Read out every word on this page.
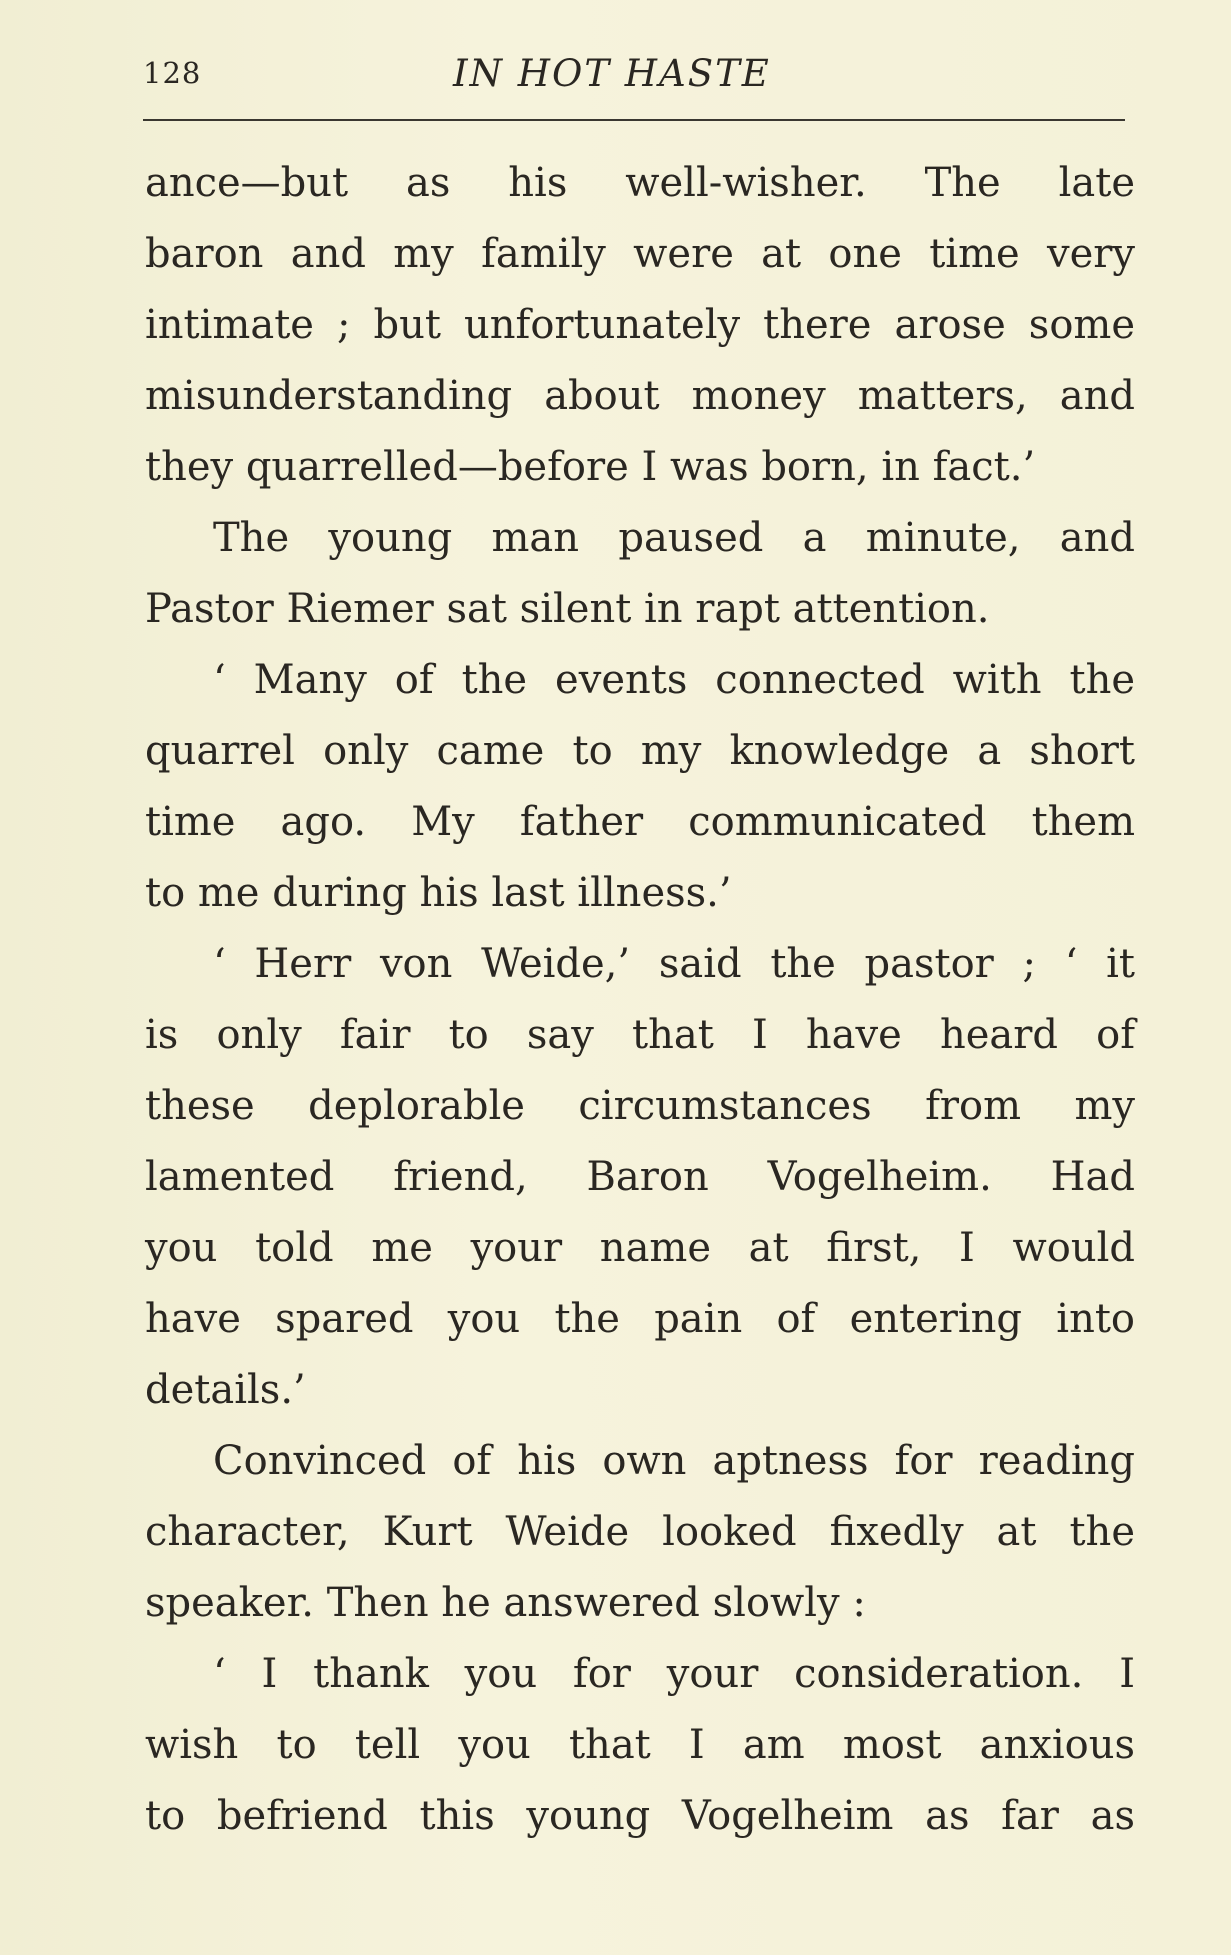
128	IN HOT HASTE
ance—but as his well-wisher. The late
baron and my family were at one time very
intimate ; but unfortunately there arose some
misunderstanding about money matters, and
they quarrelled—before I was born, in fact.’
The young man paused a minute, and
Pastor Riemer sat silent in rapt attention.
‘ Many of the events connected with the
quarrel only came to my knowledge a short
time ago. My father communicated them
to me during his last illness.’
‘ Herr von Weide,’ said the pastor ; ‘ it
is only fair to say that I have heard of
these deplorable circumstances from my
lamented friend, Baron Vogelheim. Had
you told me your name at first, I would
have spared you the pain of entering into
details.’
Convinced of his own aptness for reading
character, Kurt Weide looked fixedly at the
speaker. Then he answered slowly :
‘ I thank you for your consideration. I
wish to tell you that I am most anxious
to befriend this young Vogelheim as far as
